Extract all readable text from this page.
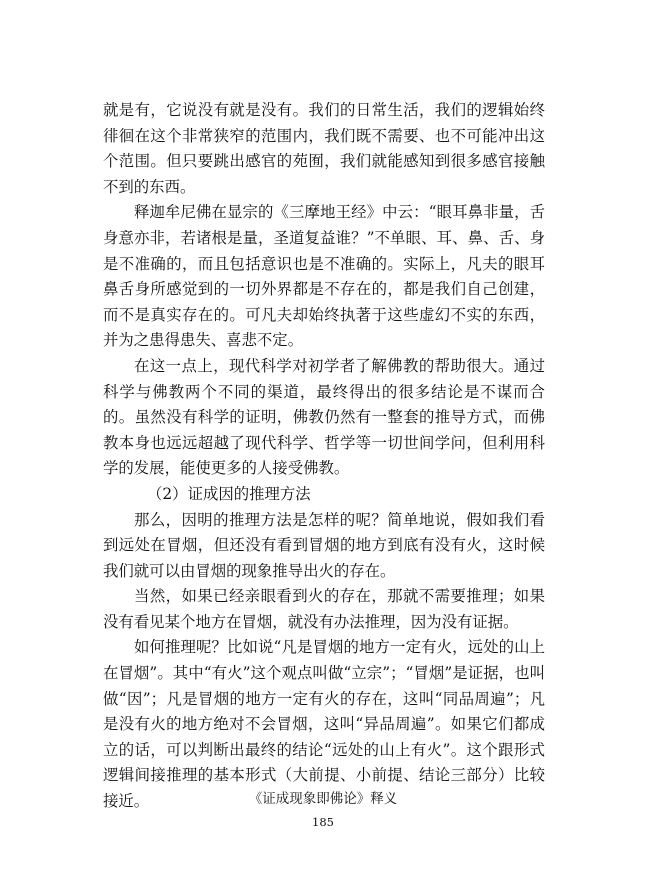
就是有，它说没有就是没有。我们的日常生活，我们的逻辑始终徘徊在这个非常狭窄的范围内，我们既不需要、也不可能冲出这个范围。但只要跳出感官的苑囿，我们就能感知到很多感官接触不到的东西。

释迦牟尼佛在显宗的《三摩地王经》中云：“眼耳鼻非量，舌身意亦非，若诸根是量，圣道复益谁？”不单眼、耳、鼻、舌、身是不准确的，而且包括意识也是不准确的。实际上，凡夫的眼耳鼻舌身所感觉到的一切外界都是不存在的，都是我们自己创建，而不是真实存在的。可凡夫却始终执著于这些虚幻不实的东西，并为之患得患失、喜悲不定。

在这一点上，现代科学对初学者了解佛教的帮助很大。通过科学与佛教两个不同的渠道，最终得出的很多结论是不谋而合的。虽然没有科学的证明，佛教仍然有一整套的推导方式，而佛教本身也远远超越了现代科学、哲学等一切世间学问，但利用科学的发展，能使更多的人接受佛教。

（2）证成因的推理方法

那么，因明的推理方法是怎样的呢？简单地说，假如我们看到远处在冒烟，但还没有看到冒烟的地方到底有没有火，这时候我们就可以由冒烟的现象推导出火的存在。

当然，如果已经亲眼看到火的存在，那就不需要推理；如果没有看见某个地方在冒烟，就没有办法推理，因为没有证据。

如何推理呢？比如说“凡是冒烟的地方一定有火，远处的山上在冒烟”。其中“有火”这个观点叫做“立宗”；“冒烟”是证据，也叫做“因”；凡是冒烟的地方一定有火的存在，这叫“同品周遍”；凡是没有火的地方绝对不会冒烟，这叫“异品周遍”。如果它们都成立的话，可以判断出最终的结论“远处的山上有火”。这个跟形式逻辑间接推理的基本形式（大前提、小前提、结论三部分）比较接近。	《证成现象即佛论》释义
185
